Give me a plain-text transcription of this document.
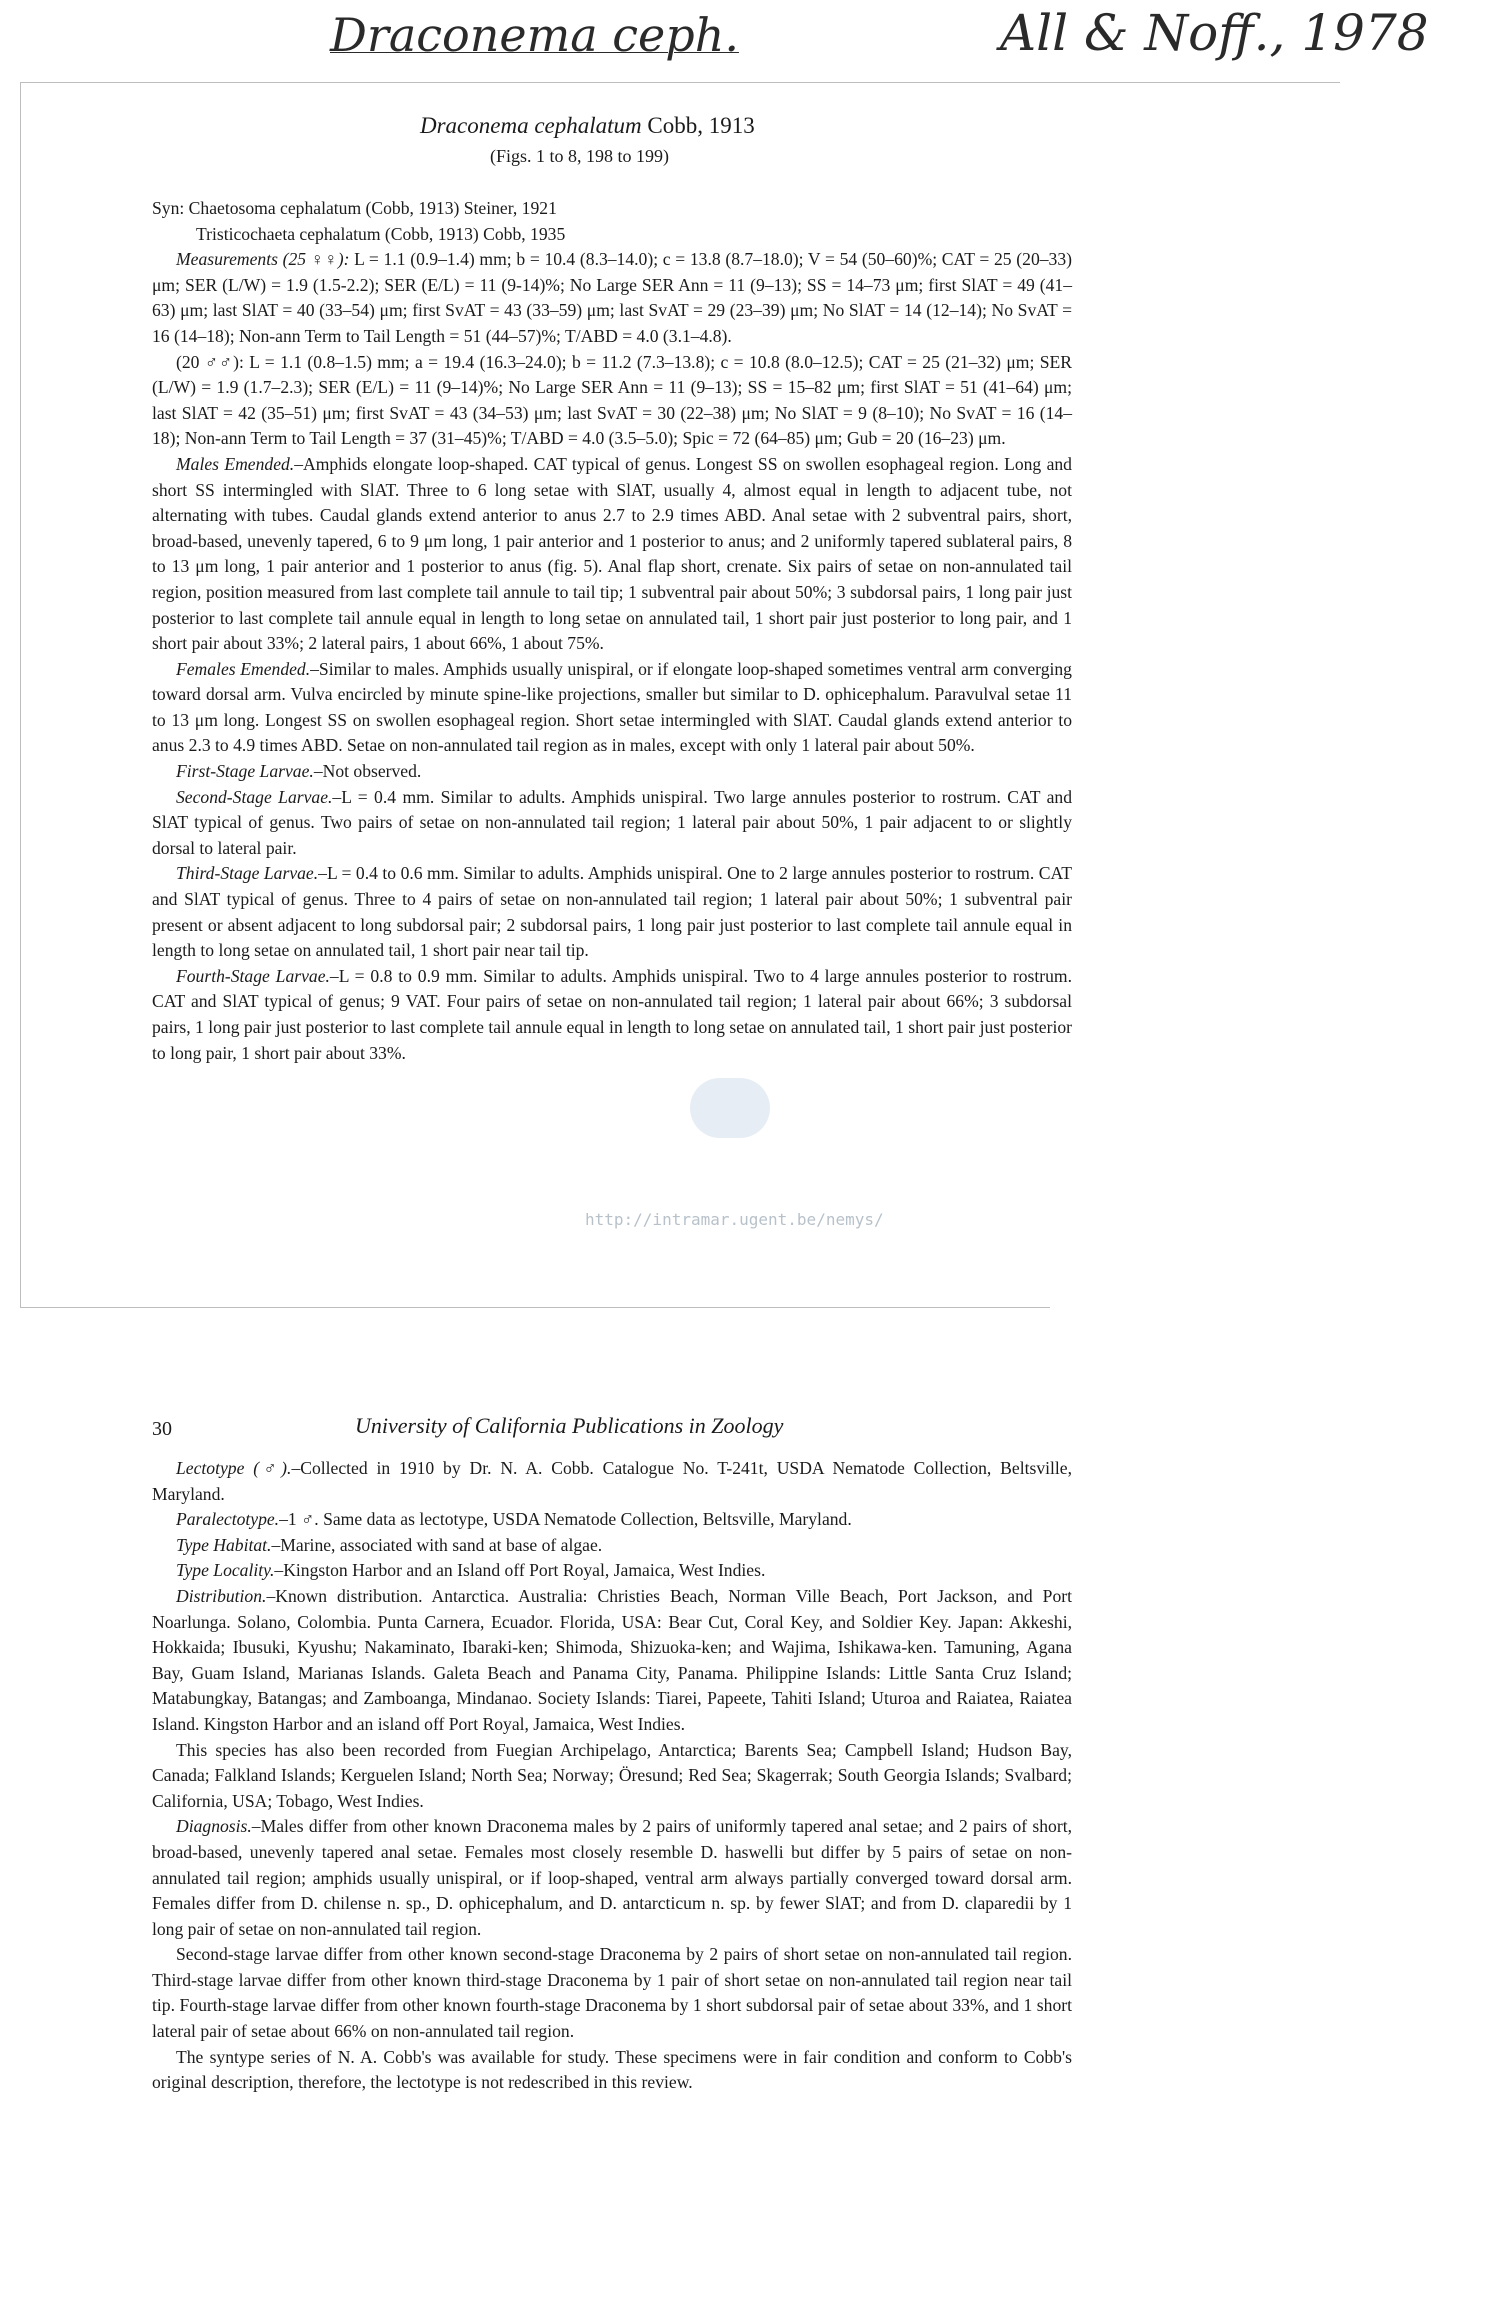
Draconema ceph.	All & Noff., 1978
Draconema cephalatum Cobb, 1913
(Figs. 1 to 8, 198 to 199)

Syn: Chaetosoma cephalatum (Cobb, 1913) Steiner, 1921

Tristicochaeta cephalatum (Cobb, 1913) Cobb, 1935

Measurements (25 ♀♀): L = 1.1 (0.9–1.4) mm; b = 10.4 (8.3–14.0); c = 13.8 (8.7–18.0); V = 54 (50–60)%; CAT = 25 (20–33) μm; SER (L/W) = 1.9 (1.5-2.2); SER (E/L) = 11 (9-14)%; No Large SER Ann = 11 (9–13); SS = 14–73 μm; first SlAT = 49 (41–63) μm; last SlAT = 40 (33–54) μm; first SvAT = 43 (33–59) μm; last SvAT = 29 (23–39) μm; No SlAT = 14 (12–14); No SvAT = 16 (14–18); Non-ann Term to Tail Length = 51 (44–57)%; T/ABD = 4.0 (3.1–4.8).

(20 ♂♂): L = 1.1 (0.8–1.5) mm; a = 19.4 (16.3–24.0); b = 11.2 (7.3–13.8); c = 10.8 (8.0–12.5); CAT = 25 (21–32) μm; SER (L/W) = 1.9 (1.7–2.3); SER (E/L) = 11 (9–14)%; No Large SER Ann = 11 (9–13); SS = 15–82 μm; first SlAT = 51 (41–64) μm; last SlAT = 42 (35–51) μm; first SvAT = 43 (34–53) μm; last SvAT = 30 (22–38) μm; No SlAT = 9 (8–10); No SvAT = 16 (14–18); Non-ann Term to Tail Length = 37 (31–45)%; T/ABD = 4.0 (3.5–5.0); Spic = 72 (64–85) μm; Gub = 20 (16–23) μm.

Males Emended.–Amphids elongate loop-shaped. CAT typical of genus. Longest SS on swollen esophageal region. Long and short SS intermingled with SlAT. Three to 6 long setae with SlAT, usually 4, almost equal in length to adjacent tube, not alternating with tubes. Caudal glands extend anterior to anus 2.7 to 2.9 times ABD. Anal setae with 2 subventral pairs, short, broad-based, unevenly tapered, 6 to 9 μm long, 1 pair anterior and 1 posterior to anus; and 2 uniformly tapered sublateral pairs, 8 to 13 μm long, 1 pair anterior and 1 posterior to anus (fig. 5). Anal flap short, crenate. Six pairs of setae on non-annulated tail region, position measured from last complete tail annule to tail tip; 1 subventral pair about 50%; 3 subdorsal pairs, 1 long pair just posterior to last complete tail annule equal in length to long setae on annulated tail, 1 short pair just posterior to long pair, and 1 short pair about 33%; 2 lateral pairs, 1 about 66%, 1 about 75%.

Females Emended.–Similar to males. Amphids usually unispiral, or if elongate loop-shaped sometimes ventral arm converging toward dorsal arm. Vulva encircled by minute spine-like projections, smaller but similar to D. ophicephalum. Paravulval setae 11 to 13 μm long. Longest SS on swollen esophageal region. Short setae intermingled with SlAT. Caudal glands extend anterior to anus 2.3 to 4.9 times ABD. Setae on non-annulated tail region as in males, except with only 1 lateral pair about 50%.

First-Stage Larvae.–Not observed.

Second-Stage Larvae.–L = 0.4 mm. Similar to adults. Amphids unispiral. Two large annules posterior to rostrum. CAT and SlAT typical of genus. Two pairs of setae on non-annulated tail region; 1 lateral pair about 50%, 1 pair adjacent to or slightly dorsal to lateral pair.

Third-Stage Larvae.–L = 0.4 to 0.6 mm. Similar to adults. Amphids unispiral. One to 2 large annules posterior to rostrum. CAT and SlAT typical of genus. Three to 4 pairs of setae on non-annulated tail region; 1 lateral pair about 50%; 1 subventral pair present or absent adjacent to long subdorsal pair; 2 subdorsal pairs, 1 long pair just posterior to last complete tail annule equal in length to long setae on annulated tail, 1 short pair near tail tip.

Fourth-Stage Larvae.–L = 0.8 to 0.9 mm. Similar to adults. Amphids unispiral. Two to 4 large annules posterior to rostrum. CAT and SlAT typical of genus; 9 VAT. Four pairs of setae on non-annulated tail region; 1 lateral pair about 66%; 3 subdorsal pairs, 1 long pair just posterior to last complete tail annule equal in length to long setae on annulated tail, 1 short pair just posterior to long pair, 1 short pair about 33%.

http://intramar.ugent.be/nemys/
30	University of California Publications in Zoology

Lectotype (♂).–Collected in 1910 by Dr. N. A. Cobb. Catalogue No. T-241t, USDA Nematode Collection, Beltsville, Maryland.

Paralectotype.–1 ♂. Same data as lectotype, USDA Nematode Collection, Beltsville, Maryland.

Type Habitat.–Marine, associated with sand at base of algae.

Type Locality.–Kingston Harbor and an Island off Port Royal, Jamaica, West Indies.

Distribution.–Known distribution. Antarctica. Australia: Christies Beach, Norman Ville Beach, Port Jackson, and Port Noarlunga. Solano, Colombia. Punta Carnera, Ecuador. Florida, USA: Bear Cut, Coral Key, and Soldier Key. Japan: Akkeshi, Hokkaida; Ibusuki, Kyushu; Nakaminato, Ibaraki-ken; Shimoda, Shizuoka-ken; and Wajima, Ishikawa-ken. Tamuning, Agana Bay, Guam Island, Marianas Islands. Galeta Beach and Panama City, Panama. Philippine Islands: Little Santa Cruz Island; Matabungkay, Batangas; and Zamboanga, Mindanao. Society Islands: Tiarei, Papeete, Tahiti Island; Uturoa and Raiatea, Raiatea Island. Kingston Harbor and an island off Port Royal, Jamaica, West Indies.

This species has also been recorded from Fuegian Archipelago, Antarctica; Barents Sea; Campbell Island; Hudson Bay, Canada; Falkland Islands; Kerguelen Island; North Sea; Norway; Öresund; Red Sea; Skagerrak; South Georgia Islands; Svalbard; California, USA; Tobago, West Indies.

Diagnosis.–Males differ from other known Draconema males by 2 pairs of uniformly tapered anal setae; and 2 pairs of short, broad-based, unevenly tapered anal setae. Females most closely resemble D. haswelli but differ by 5 pairs of setae on non-annulated tail region; amphids usually unispiral, or if loop-shaped, ventral arm always partially converged toward dorsal arm. Females differ from D. chilense n. sp., D. ophicephalum, and D. antarcticum n. sp. by fewer SlAT; and from D. claparedii by 1 long pair of setae on non-annulated tail region.

Second-stage larvae differ from other known second-stage Draconema by 2 pairs of short setae on non-annulated tail region. Third-stage larvae differ from other known third-stage Draconema by 1 pair of short setae on non-annulated tail region near tail tip. Fourth-stage larvae differ from other known fourth-stage Draconema by 1 short subdorsal pair of setae about 33%, and 1 short lateral pair of setae about 66% on non-annulated tail region.

The syntype series of N. A. Cobb's was available for study. These specimens were in fair condition and conform to Cobb's original description, therefore, the lectotype is not redescribed in this review.
